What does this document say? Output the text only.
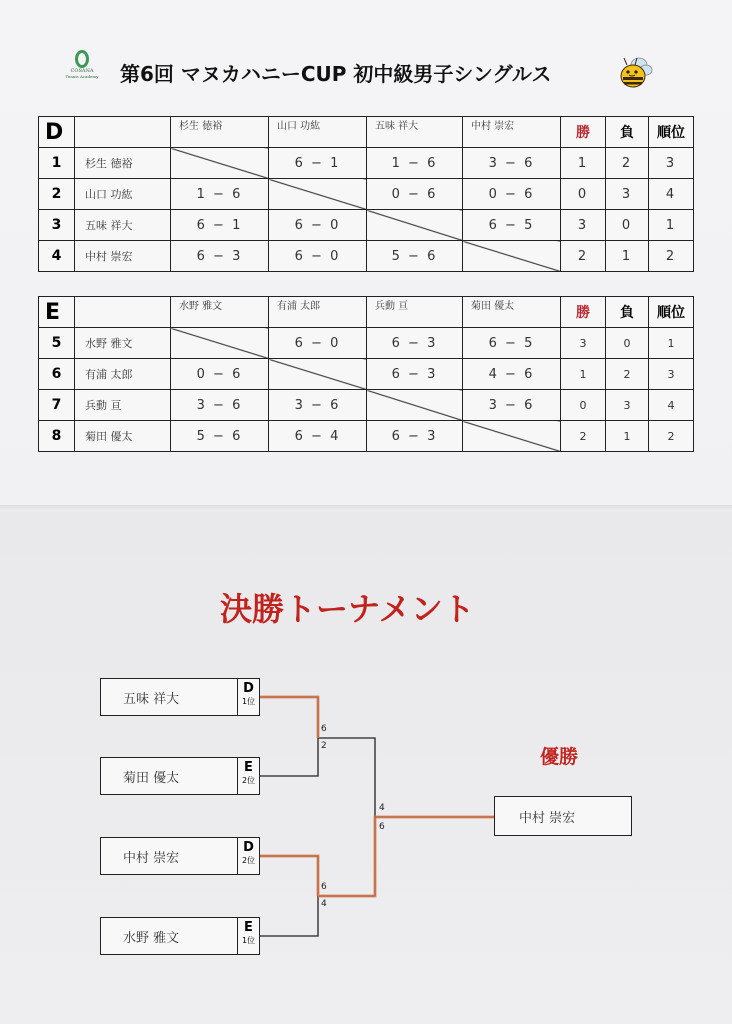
COSANA
Tennis Academy 第6回 マヌカハニーCUP 初中級男子シングルス
D		杉生 徳裕	山口 功紘	五味 祥大	中村 崇宏	勝	負	順位
1	杉生 徳裕		6 − 1	1 − 6	3 − 6	1	2	3
2	山口 功紘	1 − 6		0 − 6	0 − 6	0	3	4
3	五味 祥大	6 − 1	6 − 0		6 − 5	3	0	1
4	中村 崇宏	6 − 3	6 − 0	5 − 6		2	1	2
E		水野 雅文	有浦 太郎	兵動 亘	菊田 優太	勝	負	順位
5	水野 雅文		6 − 0	6 − 3	6 − 5	3	0	1
6	有浦 太郎	0 − 6		6 − 3	4 − 6	1	2	3
7	兵動 亘	3 − 6	3 − 6		3 − 6	0	3	4
8	菊田 優太	5 − 6	6 − 4	6 − 3		2	1	2
決勝トーナメント
優勝
6
2
6
4
4
6
五味 祥大
D
1位
菊田 優太
E
2位
中村 崇宏
D
2位
水野 雅文
E
1位
中村 崇宏
